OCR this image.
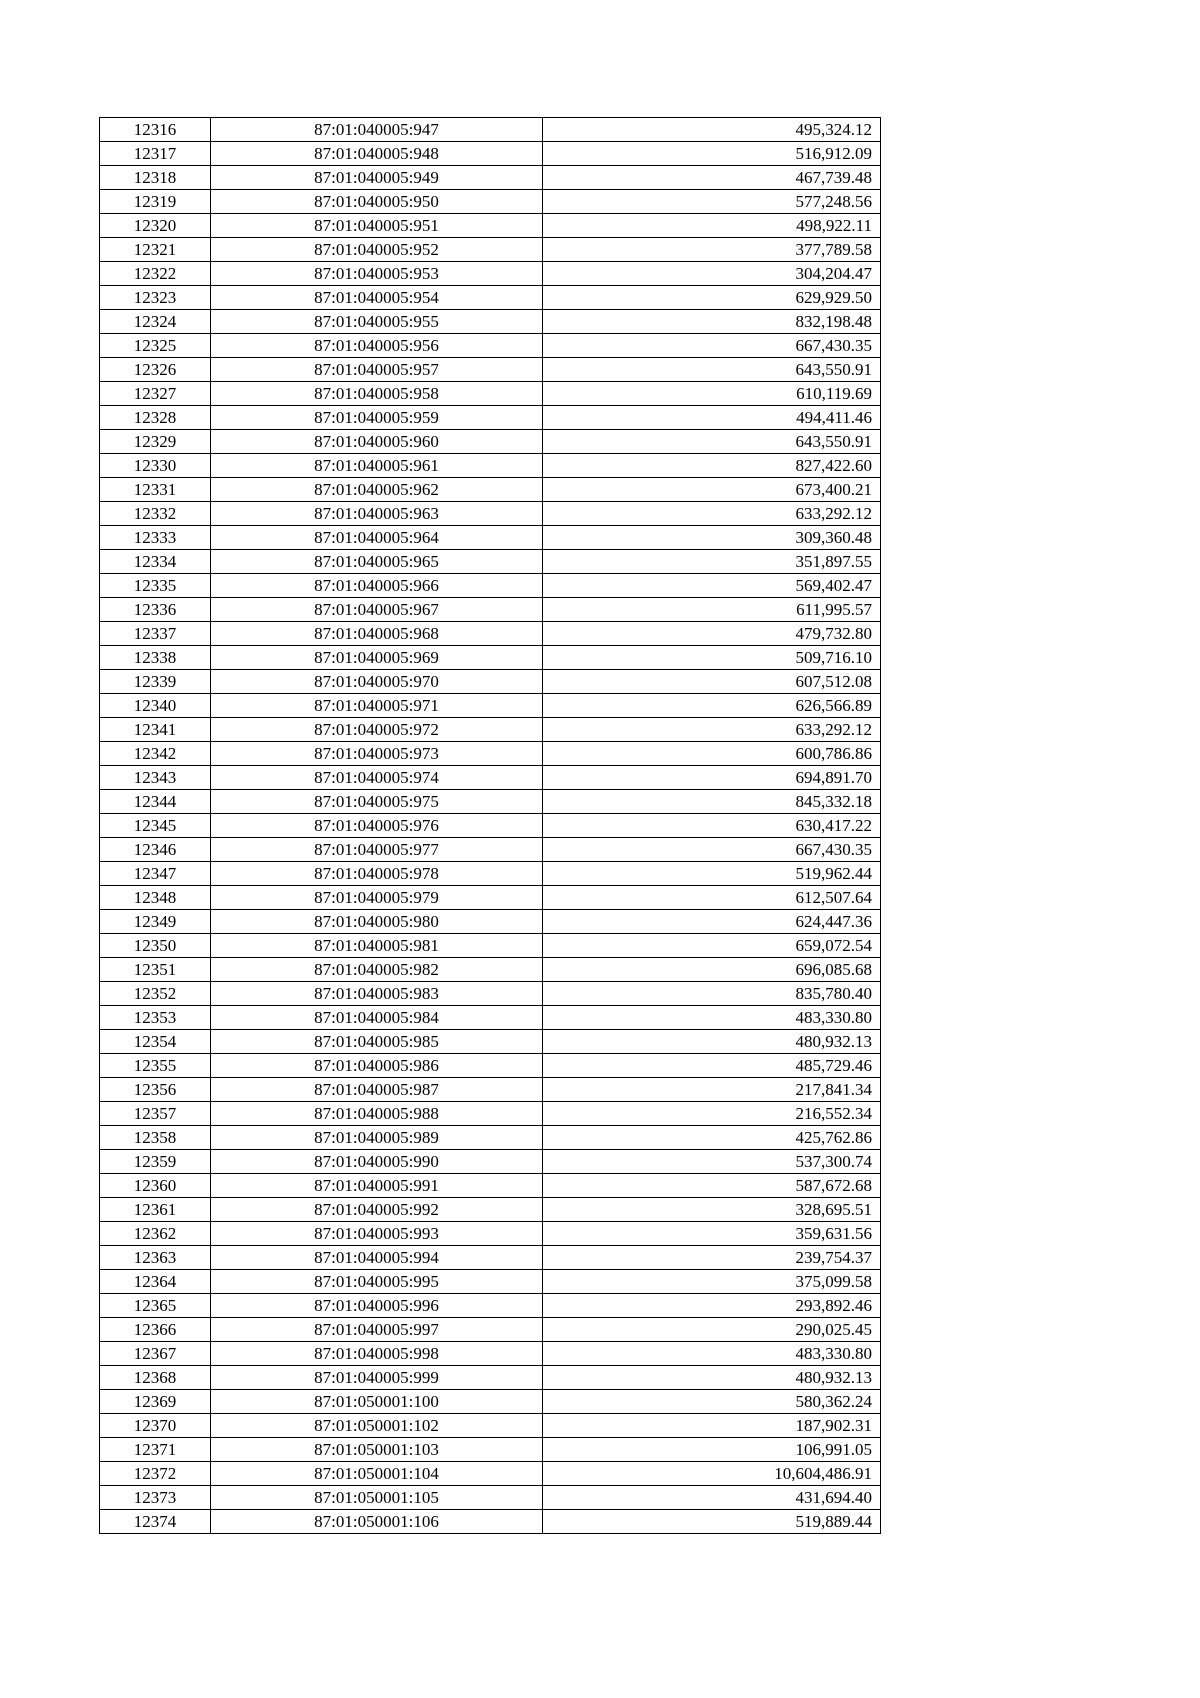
12316	87:01:040005:947	495,324.12
12317	87:01:040005:948	516,912.09
12318	87:01:040005:949	467,739.48
12319	87:01:040005:950	577,248.56
12320	87:01:040005:951	498,922.11
12321	87:01:040005:952	377,789.58
12322	87:01:040005:953	304,204.47
12323	87:01:040005:954	629,929.50
12324	87:01:040005:955	832,198.48
12325	87:01:040005:956	667,430.35
12326	87:01:040005:957	643,550.91
12327	87:01:040005:958	610,119.69
12328	87:01:040005:959	494,411.46
12329	87:01:040005:960	643,550.91
12330	87:01:040005:961	827,422.60
12331	87:01:040005:962	673,400.21
12332	87:01:040005:963	633,292.12
12333	87:01:040005:964	309,360.48
12334	87:01:040005:965	351,897.55
12335	87:01:040005:966	569,402.47
12336	87:01:040005:967	611,995.57
12337	87:01:040005:968	479,732.80
12338	87:01:040005:969	509,716.10
12339	87:01:040005:970	607,512.08
12340	87:01:040005:971	626,566.89
12341	87:01:040005:972	633,292.12
12342	87:01:040005:973	600,786.86
12343	87:01:040005:974	694,891.70
12344	87:01:040005:975	845,332.18
12345	87:01:040005:976	630,417.22
12346	87:01:040005:977	667,430.35
12347	87:01:040005:978	519,962.44
12348	87:01:040005:979	612,507.64
12349	87:01:040005:980	624,447.36
12350	87:01:040005:981	659,072.54
12351	87:01:040005:982	696,085.68
12352	87:01:040005:983	835,780.40
12353	87:01:040005:984	483,330.80
12354	87:01:040005:985	480,932.13
12355	87:01:040005:986	485,729.46
12356	87:01:040005:987	217,841.34
12357	87:01:040005:988	216,552.34
12358	87:01:040005:989	425,762.86
12359	87:01:040005:990	537,300.74
12360	87:01:040005:991	587,672.68
12361	87:01:040005:992	328,695.51
12362	87:01:040005:993	359,631.56
12363	87:01:040005:994	239,754.37
12364	87:01:040005:995	375,099.58
12365	87:01:040005:996	293,892.46
12366	87:01:040005:997	290,025.45
12367	87:01:040005:998	483,330.80
12368	87:01:040005:999	480,932.13
12369	87:01:050001:100	580,362.24
12370	87:01:050001:102	187,902.31
12371	87:01:050001:103	106,991.05
12372	87:01:050001:104	10,604,486.91
12373	87:01:050001:105	431,694.40
12374	87:01:050001:106	519,889.44
